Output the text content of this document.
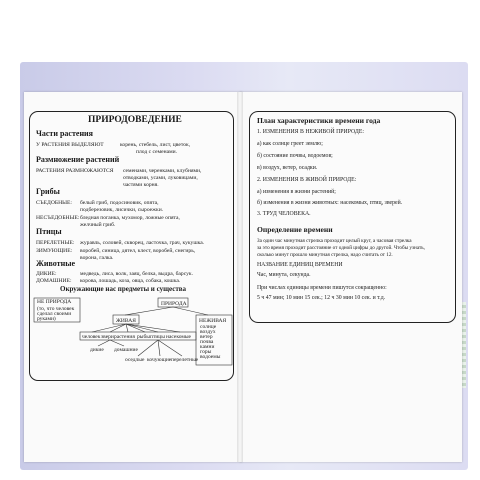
ПРИРОДОВЕДЕНИЕ
Части растения
У РАСТЕНИЯ ВЫДЕЛЯЮТ	корень, стебель, лист, цветок,
плод с семенами.
Размножение растений
РАСТЕНИЯ РАЗМНОЖАЮТСЯ семенами, черенками, клубнями,
отводками, усами, луковицами,
частями корня.
Грибы
СЪЕДОБНЫЕ: белый гриб, подосиновик, опята,
подберезовик, лисички, сыроежки.
НЕСЪЕДОБНЫЕ: бледная поганка, мухомор, ложные опята,
желчный гриб.
Птицы
ПЕРЕЛЕТНЫЕ: журавль, соловей, скворец, ласточка, грач, кукушка.
ЗИМУЮЩИЕ: воробей, синица, дятел, клест, воробей, снегирь,
ворона, галка.
Животные
ДИКИЕ:	медведь, лиса, волк, заяц, белка, выдра, барсук.
ДОМАШНИЕ: корова, лошадь, коза, овца, собака, кошка.
Окружающие нас предметы и существа
НЕ ПРИРОДА
(то, что человек
сделал своими
руками)
ПРИРОДА
ЖИВАЯ	НЕЖИВАЯ
солнце
воздух
ветер
почва
камни
горы
водоемы
человек звери растения рыбы птицы насекомые
дикие домашние
оседлые кочующие перелетные
План характеристики времени года
1. ИЗМЕНЕНИЯ В НЕЖИВОЙ ПРИРОДЕ:
а) как солнце греет землю;
б) состояние почвы, водоемов;
в) воздух, ветер, осадки.
2. ИЗМЕНЕНИЯ В ЖИВОЙ ПРИРОДЕ:
а) изменения в жизни растений;
б) изменения в жизни животных: насекомых, птиц, зверей.
3. ТРУД ЧЕЛОВЕКА.
Определение времени
За один час минутная стрелка проходит целый круг, а часовая стрелка
за это время проходит расстояние от одной цифры до другой. Чтобы узнать,
сколько минут прошло минутная стрелка, надо считать от 12.
НАЗВАНИЕ ЕДИНИЦ ВРЕМЕНИ
Час, минута, секунда.
При числах единицы времени пишутся сокращенно:
5 ч 47 мин; 10 мин 15 сек.; 12 ч 30 мин 10 сек. и т.д.
